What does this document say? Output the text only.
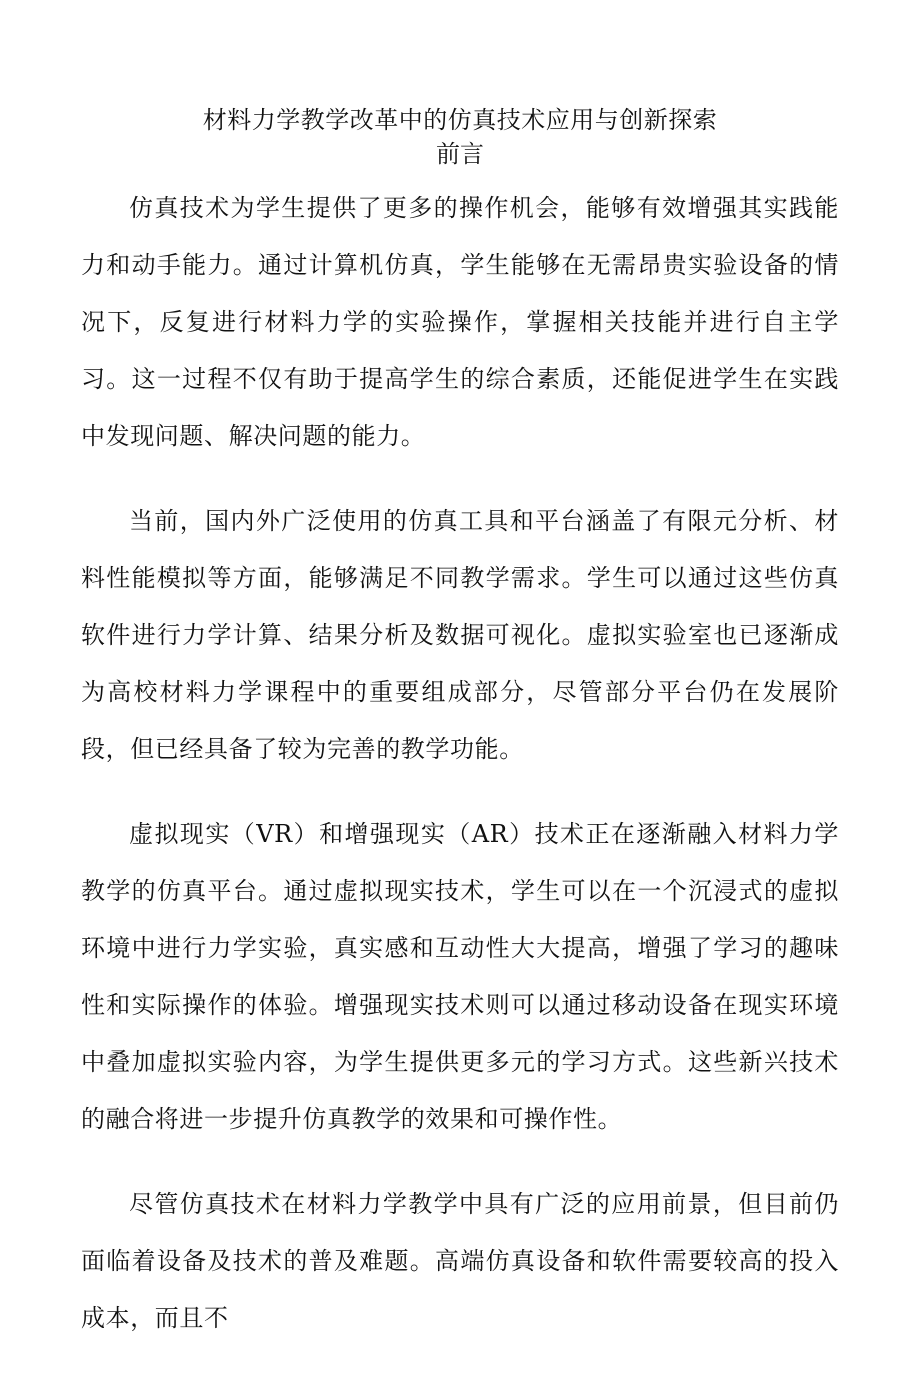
材料力学教学改革中的仿真技术应用与创新探索
前言

仿真技术为学生提供了更多的操作机会，能够有效增强其实践能力和动手能力。通过计算机仿真，学生能够在无需昂贵实验设备的情况下，反复进行材料力学的实验操作，掌握相关技能并进行自主学习。这一过程不仅有助于提高学生的综合素质，还能促进学生在实践中发现问题、解决问题的能力。

当前，国内外广泛使用的仿真工具和平台涵盖了有限元分析、材料性能模拟等方面，能够满足不同教学需求。学生可以通过这些仿真软件进行力学计算、结果分析及数据可视化。虚拟实验室也已逐渐成为高校材料力学课程中的重要组成部分，尽管部分平台仍在发展阶段，但已经具备了较为完善的教学功能。

虚拟现实（VR）和增强现实（AR）技术正在逐渐融入材料力学教学的仿真平台。通过虚拟现实技术，学生可以在一个沉浸式的虚拟环境中进行力学实验，真实感和互动性大大提高，增强了学习的趣味性和实际操作的体验。增强现实技术则可以通过移动设备在现实环境中叠加虚拟实验内容，为学生提供更多元的学习方式。这些新兴技术的融合将进一步提升仿真教学的效果和可操作性。

尽管仿真技术在材料力学教学中具有广泛的应用前景，但目前仍面临着设备及技术的普及难题。高端仿真设备和软件需要较高的投入成本，而且不
